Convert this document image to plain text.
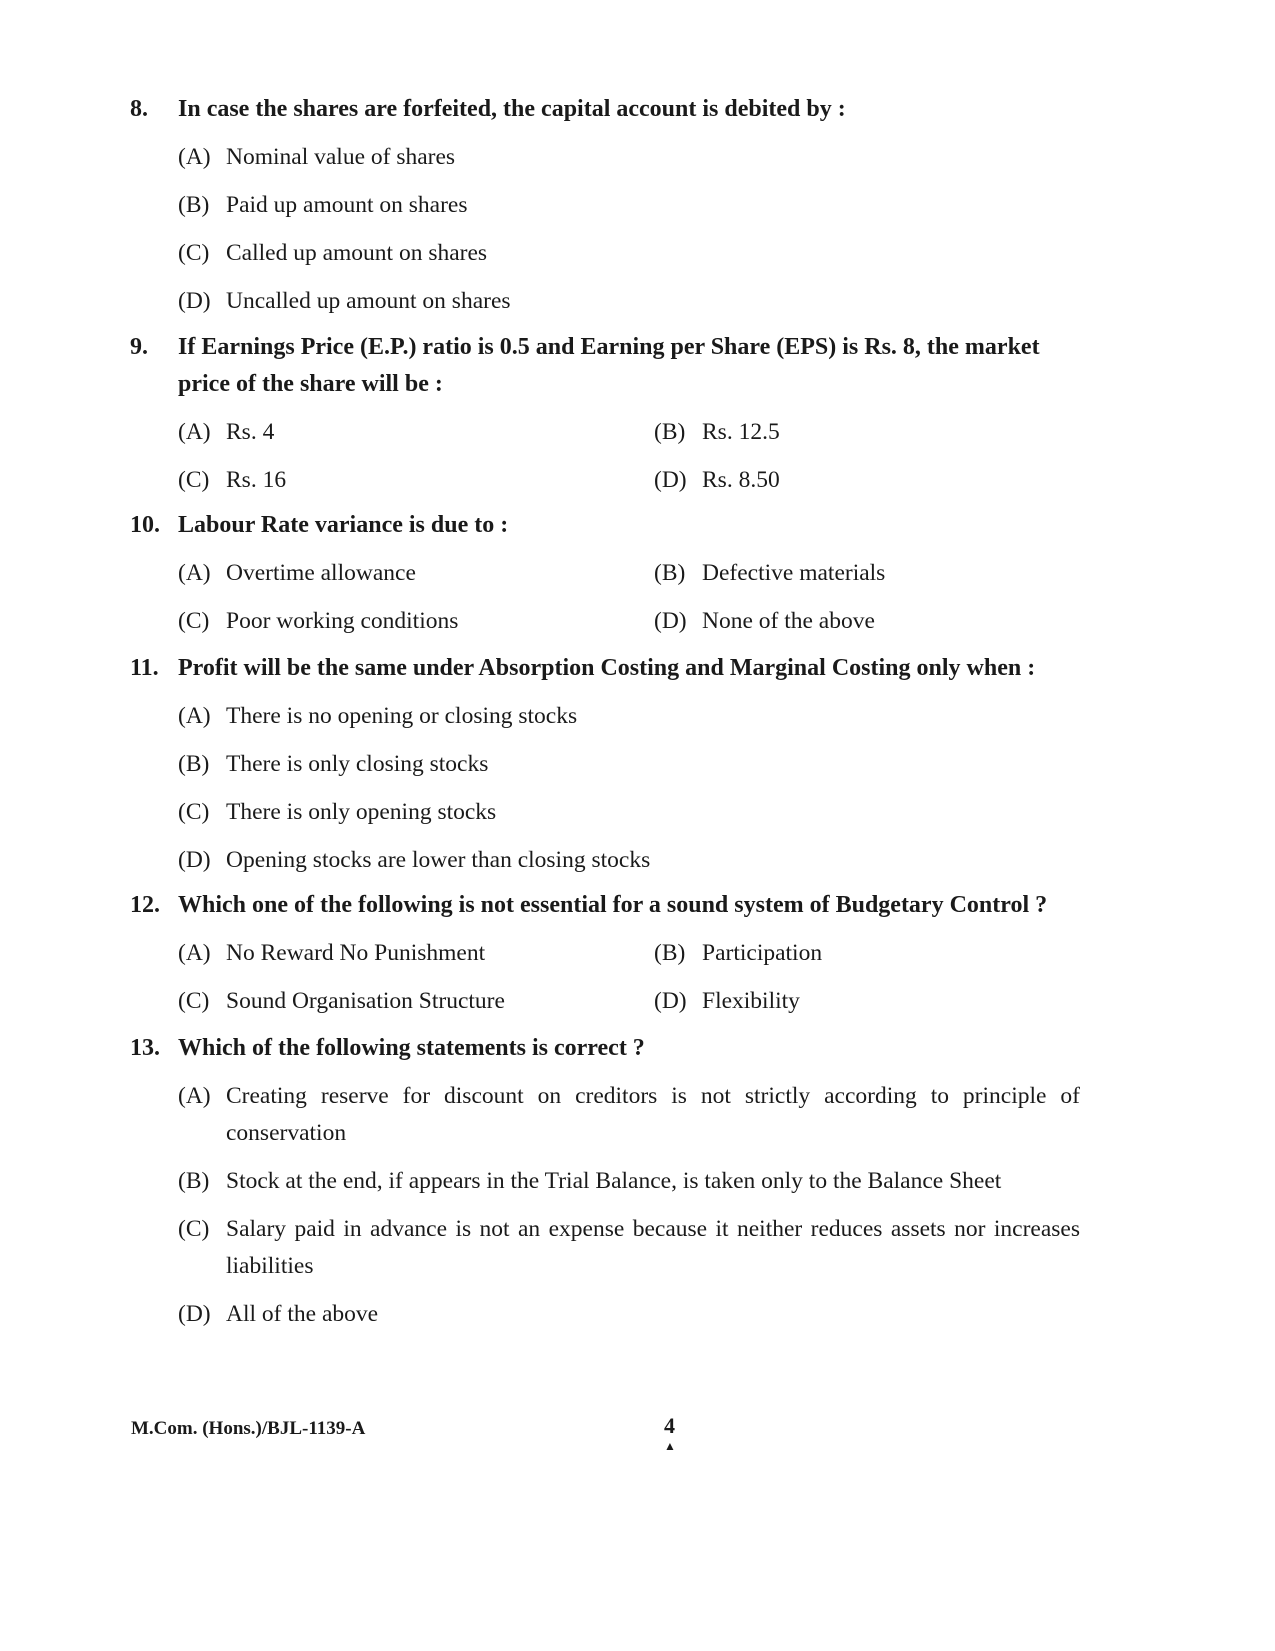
8.	In case the shares are forfeited, the capital account is debited by :
(A) Nominal value of shares
(B) Paid up amount on shares
(C) Called up amount on shares
(D) Uncalled up amount on shares
9.	If Earnings Price (E.P.) ratio is 0.5 and Earning per Share (EPS) is Rs. 8, the market price of the share will be :
(A) Rs. 4	(B) Rs. 12.5
(C) Rs. 16	(D) Rs. 8.50
10. Labour Rate variance is due to :
(A) Overtime allowance	(B) Defective materials
(C) Poor working conditions	(D) None of the above
11. Profit will be the same under Absorption Costing and Marginal Costing only when :
(A) There is no opening or closing stocks
(B) There is only closing stocks
(C) There is only opening stocks
(D) Opening stocks are lower than closing stocks
12. Which one of the following is not essential for a sound system of Budgetary Control ?
(A) No Reward No Punishment	(B) Participation
(C) Sound Organisation Structure	(D) Flexibility
13. Which of the following statements is correct ?
(A) Creating reserve for discount on creditors is not strictly according to principle of conservation
(B) Stock at the end, if appears in the Trial Balance, is taken only to the Balance Sheet
(C) Salary paid in advance is not an expense because it neither reduces assets nor increases liabilities
(D) All of the above
M.Com. (Hons.)/BJL-1139-A	4
▲
